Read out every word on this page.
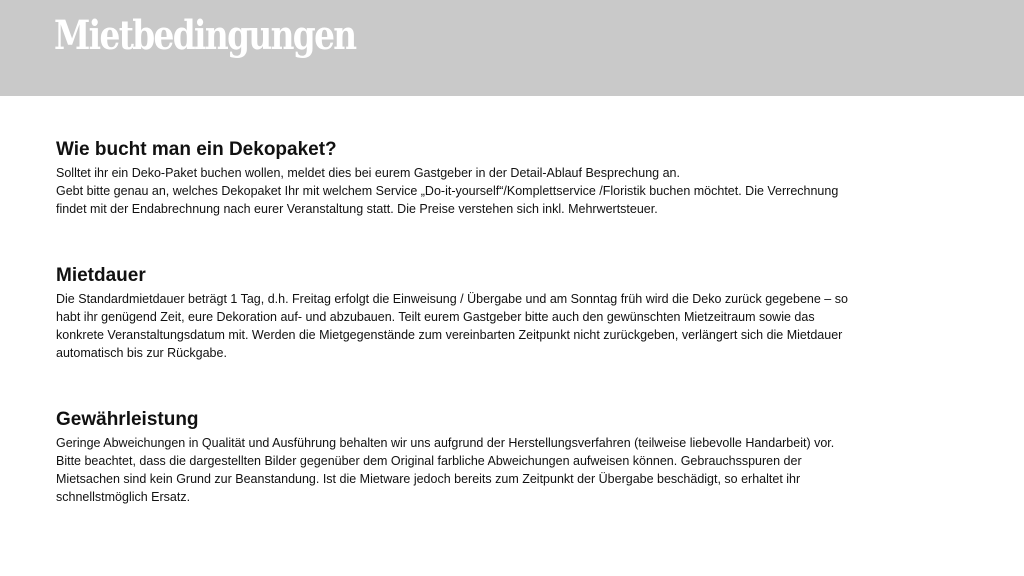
Mietbedingungen
Wie bucht man ein Dekopaket?

Solltet ihr ein Deko-Paket buchen wollen, meldet dies bei eurem Gastgeber in der Detail-Ablauf Besprechung an.

Gebt bitte genau an, welches Dekopaket Ihr mit welchem Service „Do-it-yourself“/Komplettservice /Floristik buchen möchtet. Die Verrechnung findet mit der Endabrechnung nach eurer Veranstaltung statt. Die Preise verstehen sich inkl. Mehrwertsteuer.

Mietdauer

Die Standardmietdauer beträgt 1 Tag, d.h. Freitag erfolgt die Einweisung / Übergabe und am Sonntag früh wird die Deko zurück gegebene – so habt ihr genügend Zeit, eure Dekoration auf- und abzubauen. Teilt eurem Gastgeber bitte auch den gewünschten Mietzeitraum sowie das konkrete Veranstaltungsdatum mit. Werden die Mietgegenstände zum vereinbarten Zeitpunkt nicht zurückgeben, verlängert sich die Mietdauer automatisch bis zur Rückgabe.

Gewährleistung

Geringe Abweichungen in Qualität und Ausführung behalten wir uns aufgrund der Herstellungsverfahren (teilweise liebevolle Handarbeit) vor. Bitte beachtet, dass die dargestellten Bilder gegenüber dem Original farbliche Abweichungen aufweisen können. Gebrauchsspuren der Mietsachen sind kein Grund zur Beanstandung. Ist die Mietware jedoch bereits zum Zeitpunkt der Übergabe beschädigt, so erhaltet ihr schnellstmöglich Ersatz.
